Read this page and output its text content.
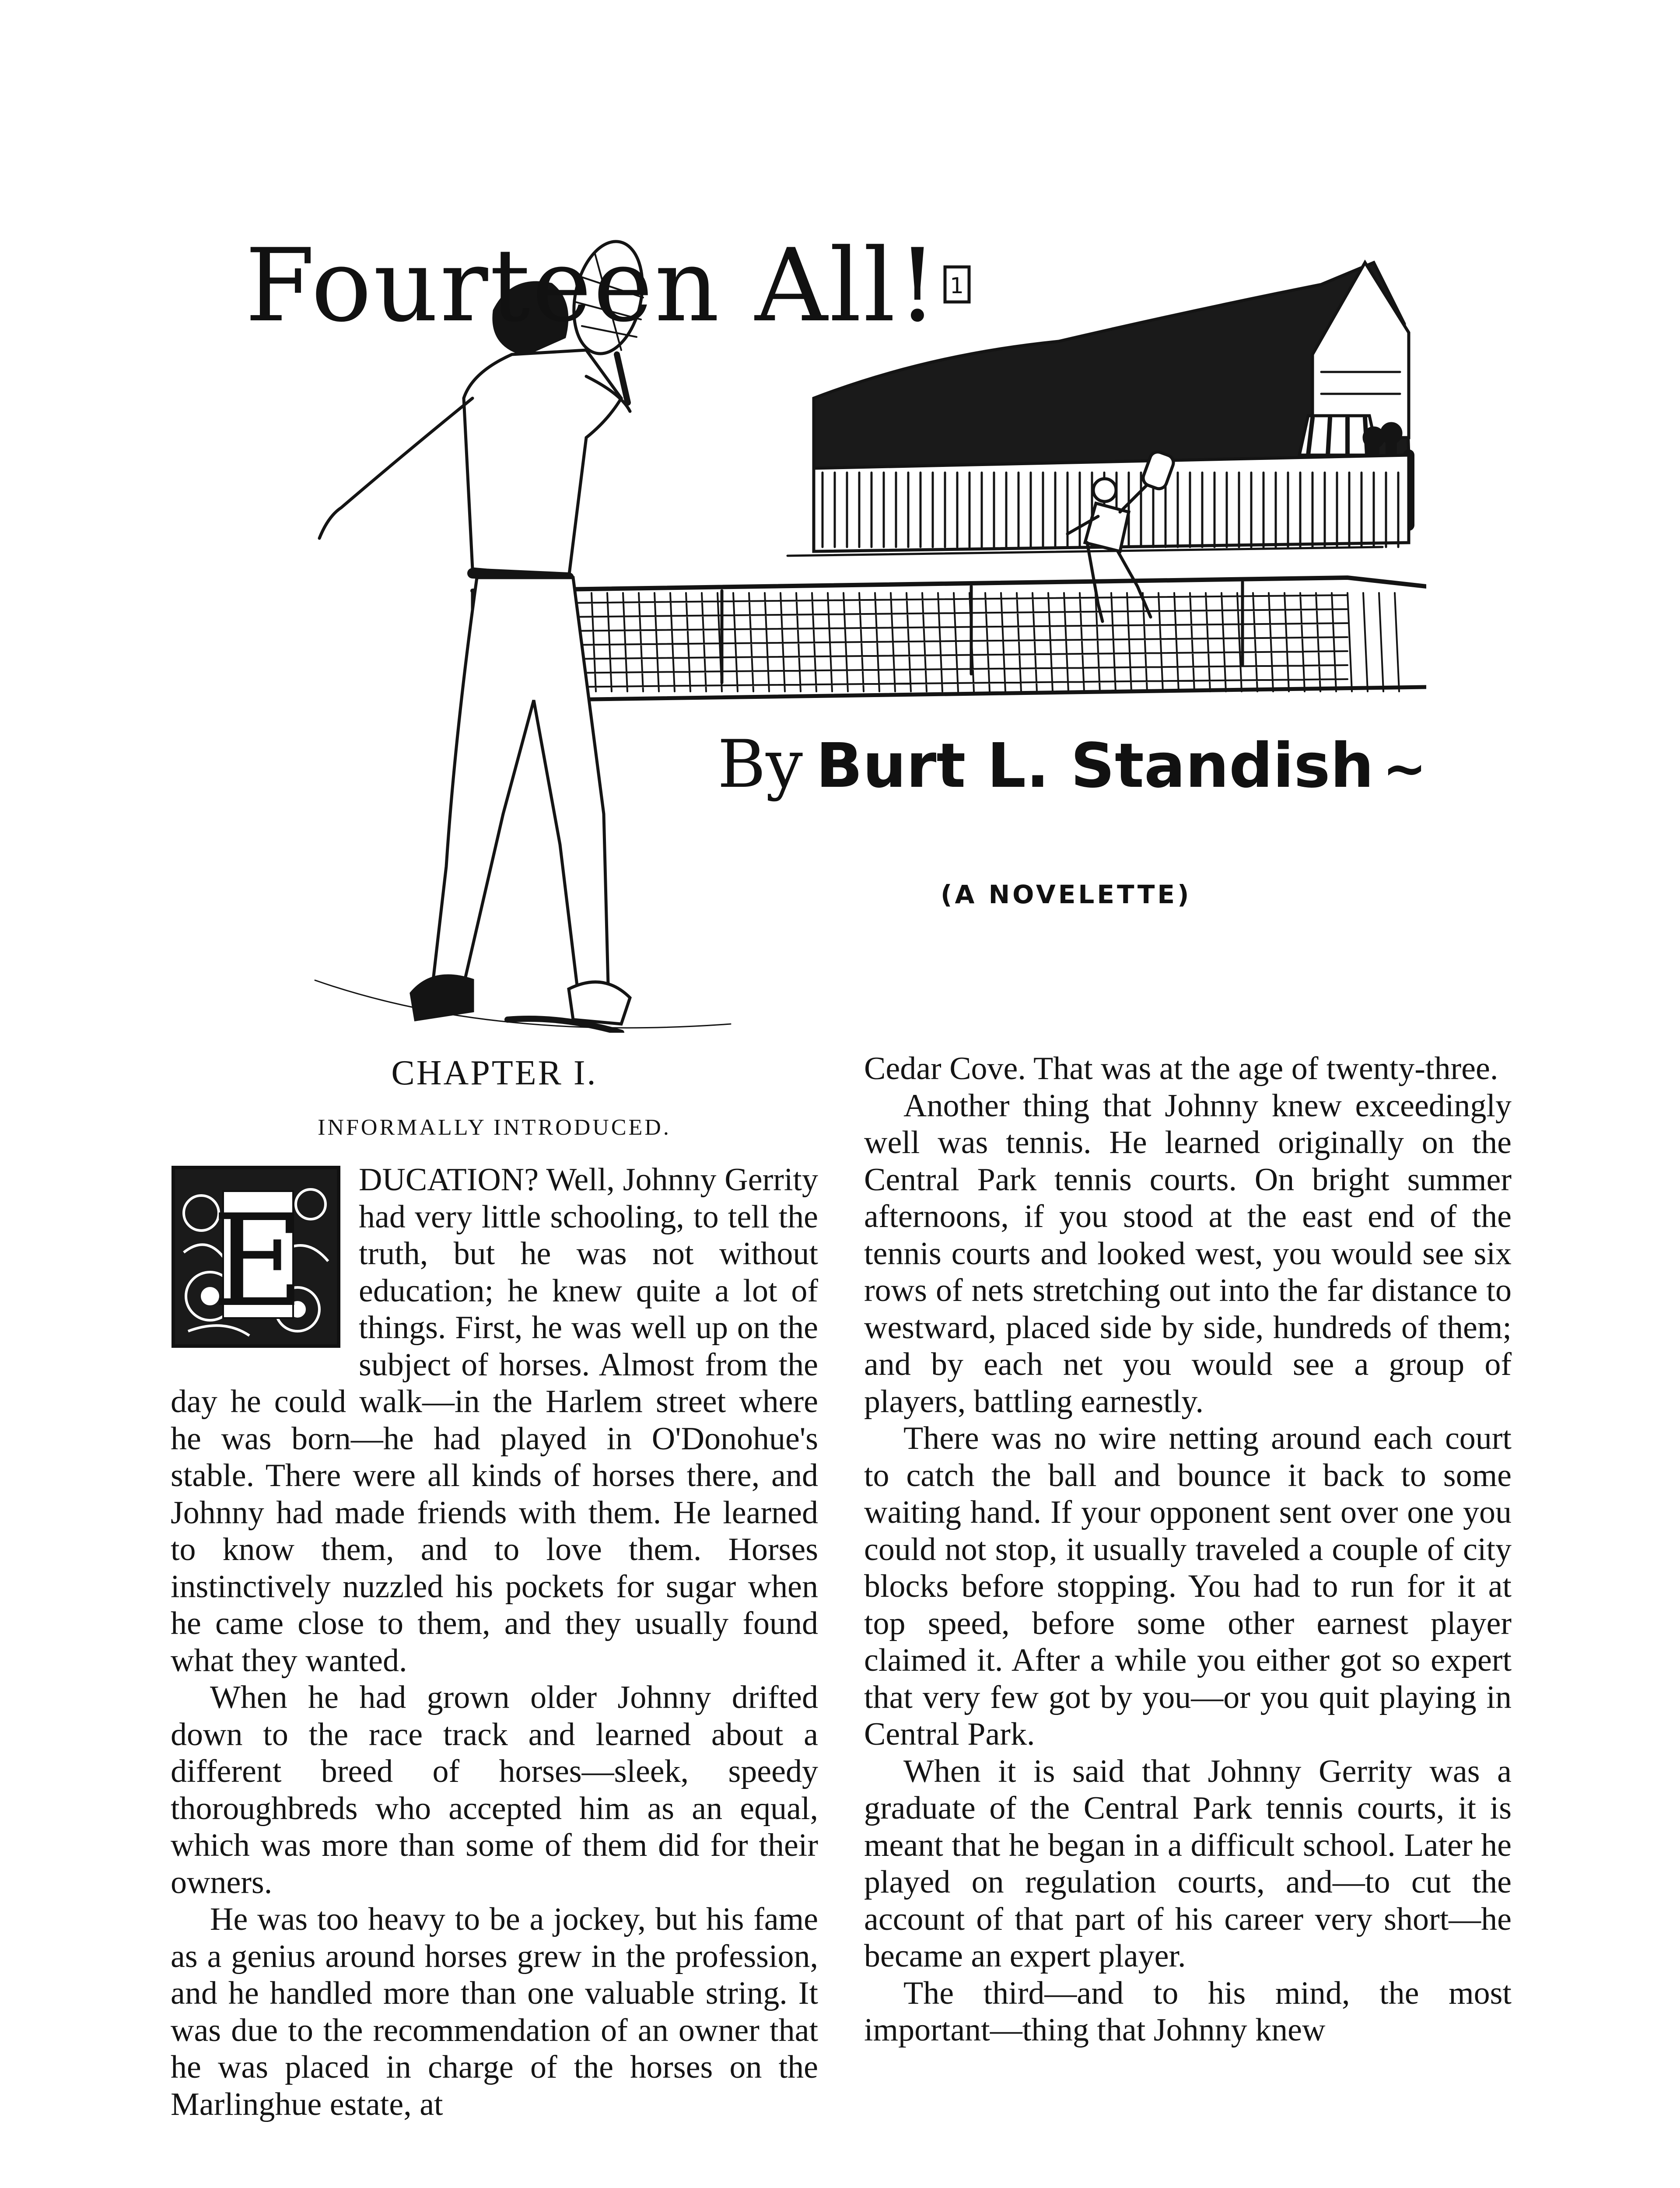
1
Fourteen All!
By Burt L. Standish ~
(A NOVELETTE)
CHAPTER I.
INFORMALLY INTRODUCED.
E

DUCATION? Well, Johnny Gerrity had very little schooling, to tell the truth, but he was not without education; he knew quite a lot of things. First, he was well up on the subject of horses. Almost from the day he could walk—in the Harlem street where he was born—he had played in O'Donohue's stable. There were all kinds of horses there, and Johnny had made friends with them. He learned to know them, and to love them. Horses instinctively nuzzled his pockets for sugar when he came close to them, and they usually found what they wanted.

When he had grown older Johnny drifted down to the race track and learned about a different breed of horses—sleek, speedy thoroughbreds who accepted him as an equal, which was more than some of them did for their owners.

He was too heavy to be a jockey, but his fame as a genius around horses grew in the profession, and he handled more than one valuable string. It was due to the recommendation of an owner that he was placed in charge of the horses on the Marlinghue estate, at

Cedar Cove. That was at the age of twenty-three.

Another thing that Johnny knew exceedingly well was tennis. He learned originally on the Central Park tennis courts. On bright summer afternoons, if you stood at the east end of the tennis courts and looked west, you would see six rows of nets stretching out into the far distance to westward, placed side by side, hundreds of them; and by each net you would see a group of players, battling earnestly.

There was no wire netting around each court to catch the ball and bounce it back to some waiting hand. If your opponent sent over one you could not stop, it usually traveled a couple of city blocks before stopping. You had to run for it at top speed, before some other earnest player claimed it. After a while you either got so expert that very few got by you—or you quit playing in Central Park.

When it is said that Johnny Gerrity was a graduate of the Central Park tennis courts, it is meant that he began in a difficult school. Later he played on regulation courts, and—to cut the account of that part of his career very short—he became an expert player.

The third—and to his mind, the most important—thing that Johnny knew
